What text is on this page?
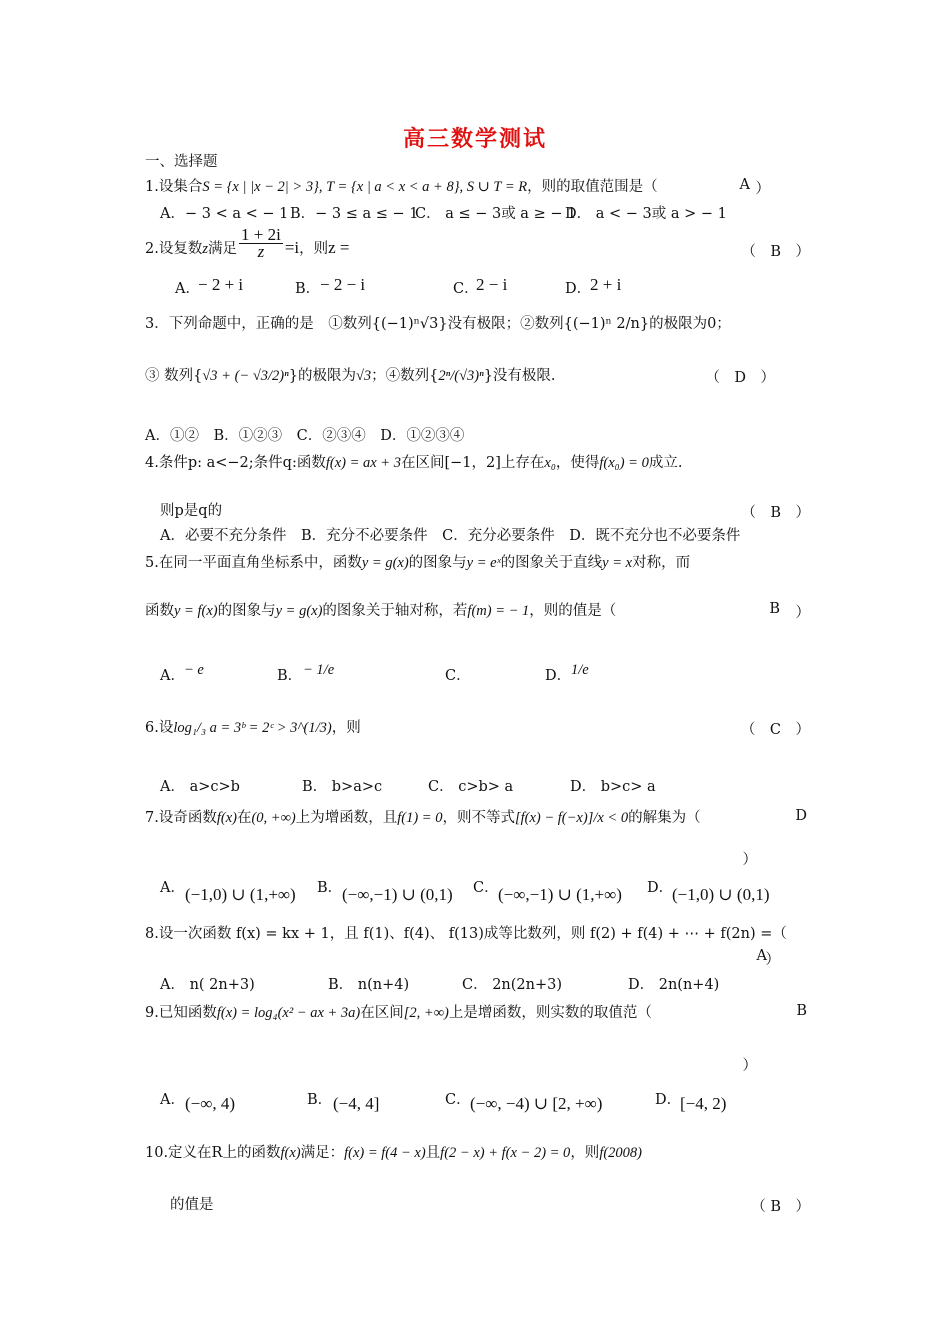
高三数学测试
一、选择题
1.设集合S = {x | |x − 2| > 3}, T = {x | a < x < a + 8}, S ∪ T = R，则的取值范围是（	A ）
A．− 3 < a < − 1 B．− 3 ≤ a ≤ − 1
C． a ≤ − 3或 a ≥ − 1
D． a < − 3或 a > − 1
2.设复数z满足 $\frac{1 + 2i}{z} =i$，则z =	（　B　）
A．
− 2 + i	B． − 2 − i	C．
2 − i	D．
2 + i
3．下列命题中，正确的是　①数列{(−1)ⁿ√3}没有极限；②数列{(−1)ⁿ 2/n}的极限为0；
③ 数列{√3 + (− √3/2)ⁿ}的极限为√3；④数列{2ⁿ/(√3)ⁿ}没有极限.	（　D　）
A．①②　B．①②③　C．②③④　D．①②③④
4.条件p: a<−2;条件q:函数f(x) = ax + 3在区间[−1，2]上存在x₀，使得f(x₀) = 0成立.
则p是q的	（　B　）
A．必要不充分条件　B．充分不必要条件　C．充分必要条件　D．既不充分也不必要条件
5.在同一平面直角坐标系中，函数y = g(x)的图象与y = eˣ的图象关于直线y = x对称，而
函数y = f(x)的图象与y = g(x)的图象关于轴对称，若f(m) = − 1，则的值是（	B ）
A． − e	B． − 1/e	C．	D． 1/e
6.设log₁/₃ a = 3ᵇ = 2ᶜ > 3^(1/3)，则	（　C　）
A． a>c>b	B． b>a>c	C． c>b> a	D． b>c> a
7.设奇函数f(x)在(0, +∞)上为增函数，且f(1) = 0，则不等式[f(x) − f(−x)]/x < 0的解集为（	D
）
A． (−1,0) ∪ (1,+∞) B． (−∞,−1) ∪ (0,1) C． (−∞,−1) ∪ (1,+∞) D．
(−1,0) ∪ (0,1)
8.设一次函数 f(x) = kx + 1，且 f(1)、f(4)、 f(13)成等比数列，则 f(2) + f(4) + ⋯ + f(2n) =（
A
）
A． n( 2n+3)	B． n(n+4)	C． 2n(2n+3)	D． 2n(n+4)
9.已知函数f(x) = log₄(x² − ax + 3a)在区间[2, +∞)上是增函数，则实数的取值范（	B
）
A． (−∞, 4)	B． (−4, 4]	C． (−∞, −4) ∪ [2, +∞)	D．
[−4, 2)
10.定义在R上的函数f(x)满足：f(x) = f(4 − x)且f(2 − x) + f(x − 2) = 0，则f(2008)
的值是	（ B　）
